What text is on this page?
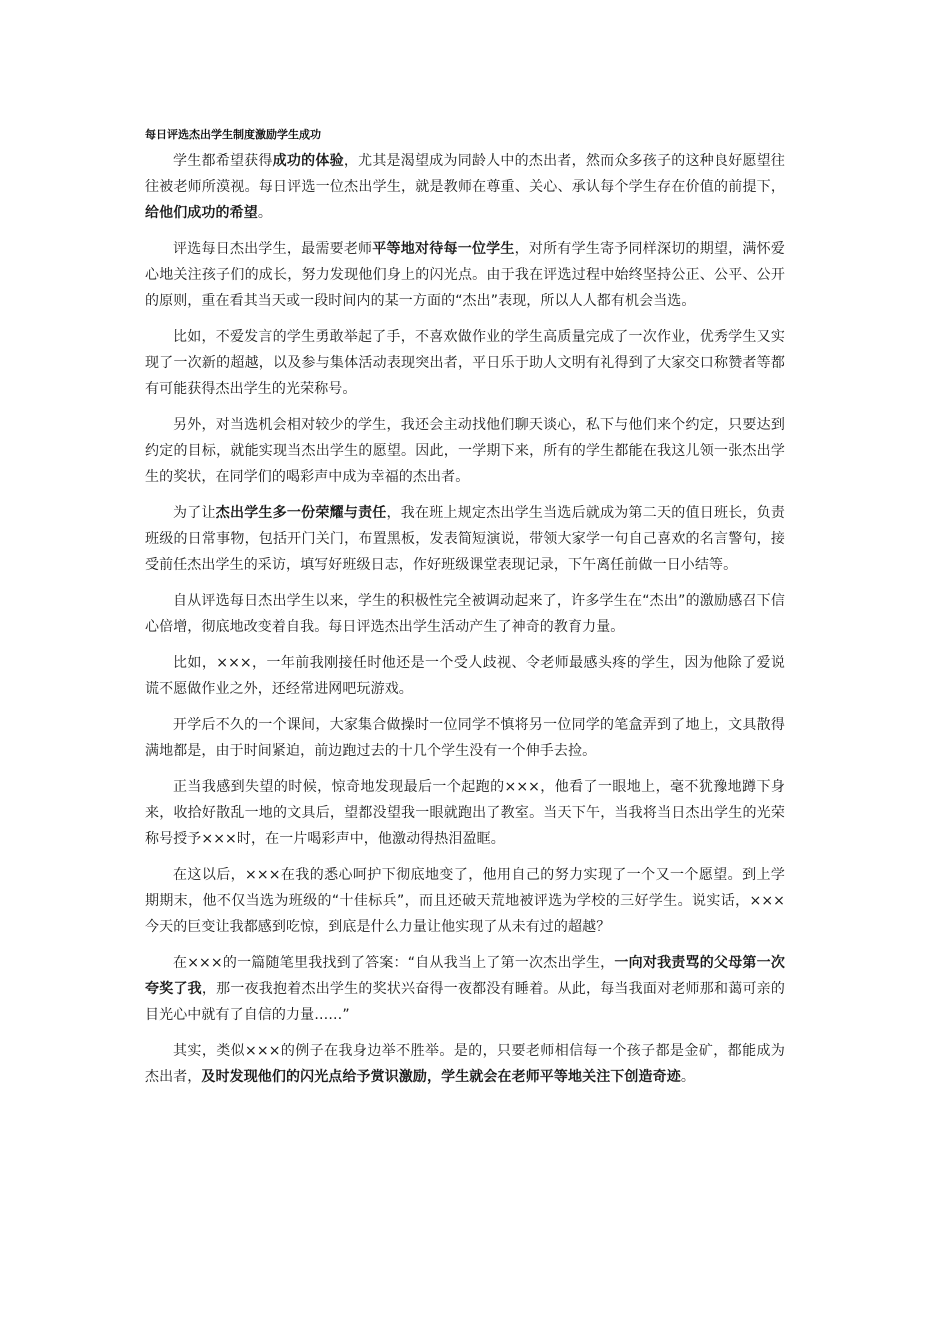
每日评选杰出学生制度激励学生成功

学生都希望获得成功的体验，尤其是渴望成为同龄人中的杰出者，然而众多孩子的这种良好愿望往往被老师所漠视。每日评选一位杰出学生，就是教师在尊重、关心、承认每个学生存在价值的前提下，给他们成功的希望。

评选每日杰出学生，最需要老师平等地对待每一位学生，对所有学生寄予同样深切的期望，满怀爱心地关注孩子们的成长，努力发现他们身上的闪光点。由于我在评选过程中始终坚持公正、公平、公开的原则，重在看其当天或一段时间内的某一方面的“杰出”表现，所以人人都有机会当选。

比如，不爱发言的学生勇敢举起了手，不喜欢做作业的学生高质量完成了一次作业，优秀学生又实现了一次新的超越，以及参与集体活动表现突出者，平日乐于助人文明有礼得到了大家交口称赞者等都有可能获得杰出学生的光荣称号。

另外，对当选机会相对较少的学生，我还会主动找他们聊天谈心，私下与他们来个约定，只要达到约定的目标，就能实现当杰出学生的愿望。因此，一学期下来，所有的学生都能在我这儿领一张杰出学生的奖状，在同学们的喝彩声中成为幸福的杰出者。

为了让杰出学生多一份荣耀与责任，我在班上规定杰出学生当选后就成为第二天的值日班长，负责班级的日常事物，包括开门关门，布置黑板，发表简短演说，带领大家学一句自己喜欢的名言警句，接受前任杰出学生的采访，填写好班级日志，作好班级课堂表现记录，下午离任前做一日小结等。

自从评选每日杰出学生以来，学生的积极性完全被调动起来了，许多学生在“杰出”的激励感召下信心倍增，彻底地改变着自我。每日评选杰出学生活动产生了神奇的教育力量。

比如，×××，一年前我刚接任时他还是一个受人歧视、令老师最感头疼的学生，因为他除了爱说谎不愿做作业之外，还经常进网吧玩游戏。

开学后不久的一个课间，大家集合做操时一位同学不慎将另一位同学的笔盒弄到了地上，文具散得满地都是，由于时间紧迫，前边跑过去的十几个学生没有一个伸手去捡。

正当我感到失望的时候，惊奇地发现最后一个起跑的×××，他看了一眼地上，毫不犹豫地蹲下身来，收拾好散乱一地的文具后，望都没望我一眼就跑出了教室。当天下午，当我将当日杰出学生的光荣称号授予×××时，在一片喝彩声中，他激动得热泪盈眶。

在这以后，×××在我的悉心呵护下彻底地变了，他用自己的努力实现了一个又一个愿望。到上学期期末，他不仅当选为班级的“十佳标兵”，而且还破天荒地被评选为学校的三好学生。说实话，×××今天的巨变让我都感到吃惊，到底是什么力量让他实现了从未有过的超越？

在×××的一篇随笔里我找到了答案：“自从我当上了第一次杰出学生，一向对我责骂的父母第一次夸奖了我，那一夜我抱着杰出学生的奖状兴奋得一夜都没有睡着。从此，每当我面对老师那和蔼可亲的目光心中就有了自信的力量……”

其实，类似×××的例子在我身边举不胜举。是的，只要老师相信每一个孩子都是金矿，都能成为杰出者，及时发现他们的闪光点给予赏识激励，学生就会在老师平等地关注下创造奇迹。
